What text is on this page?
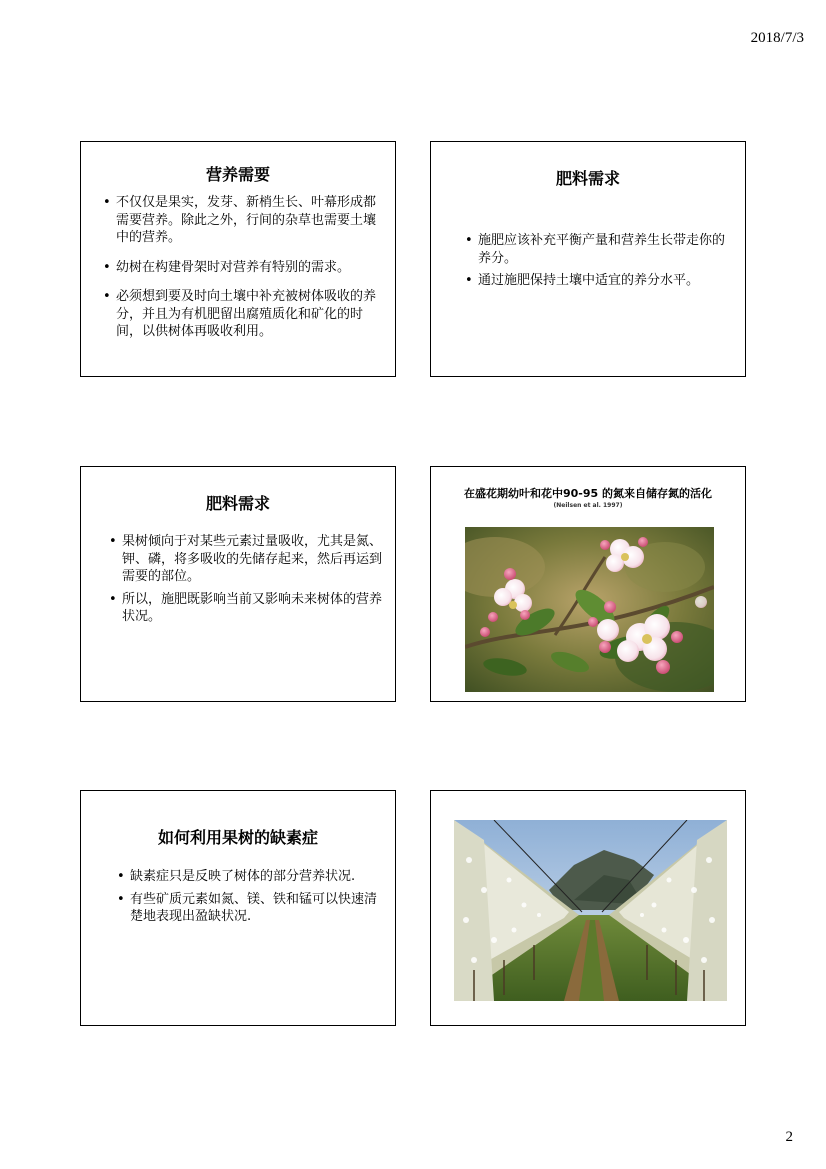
2018/7/3
营养需要
• 不仅仅是果实，发芽、新梢生长、叶幕形成都需要营养。除此之外，行间的杂草也需要土壤中的营养。
• 幼树在构建骨架时对营养有特别的需求。
• 必须想到要及时向土壤中补充被树体吸收的养分，并且为有机肥留出腐殖质化和矿化的时间，以供树体再吸收利用。
肥料需求
• 施肥应该补充平衡产量和营养生长带走你的养分。
• 通过施肥保持土壤中适宜的养分水平。
肥料需求
• 果树倾向于对某些元素过量吸收，尤其是氮、钾、磷，将多吸收的先储存起来，然后再运到需要的部位。
• 所以，施肥既影响当前又影响未来树体的营养状况。
在盛花期幼叶和花中90-95 的氮来自储存氮的活化
(Neilsen et al. 1997)
如何利用果树的缺素症
• 缺素症只是反映了树体的部分营养状况.
• 有些矿质元素如氮、镁、铁和锰可以快速清楚地表现出盈缺状况.
2
